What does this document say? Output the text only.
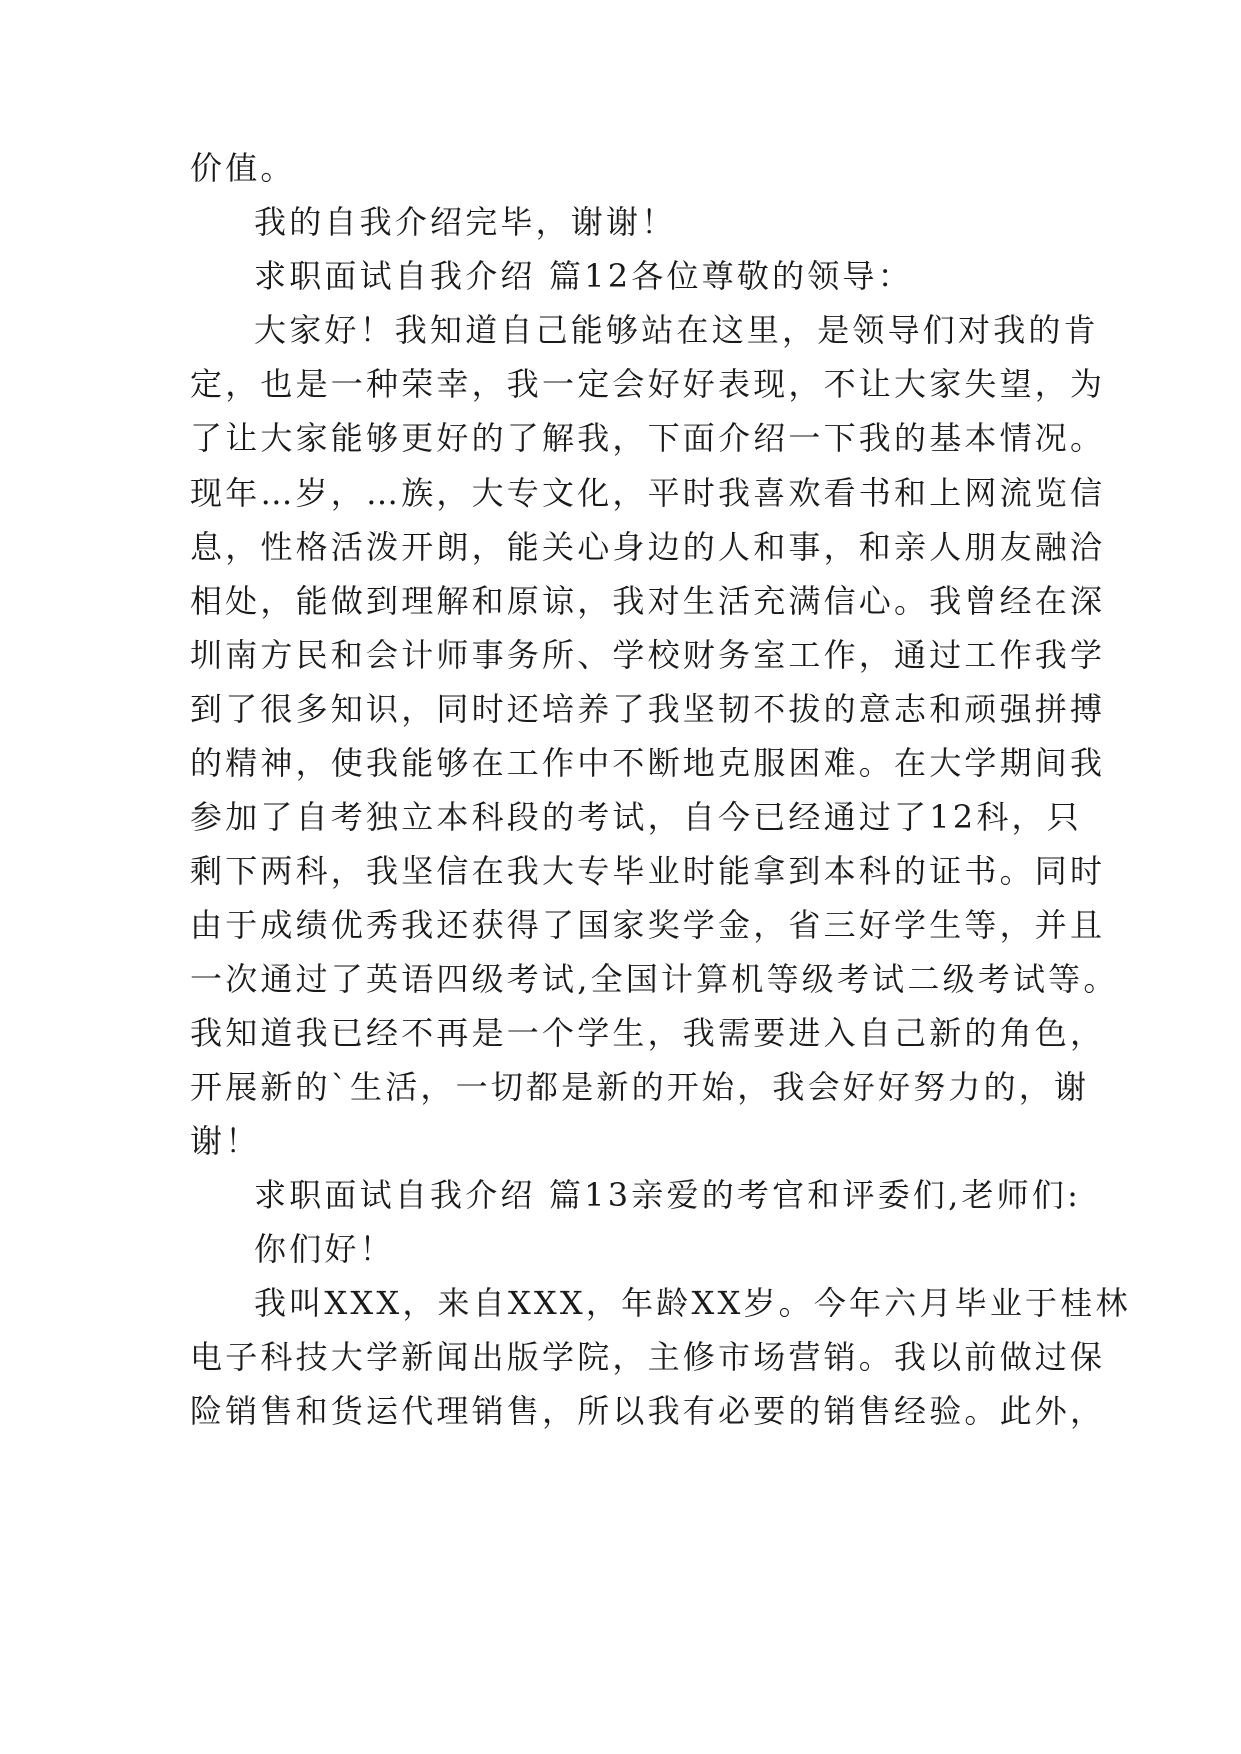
价值。
我的自我介绍完毕，谢谢！
求职面试自我介绍 篇12各位尊敬的领导：
大家好！我知道自己能够站在这里，是领导们对我的肯
定，也是一种荣幸，我一定会好好表现，不让大家失望，为
了让大家能够更好的了解我，下面介绍一下我的基本情况。
现年…岁，…族，大专文化，平时我喜欢看书和上网流览信
息，性格活泼开朗，能关心身边的人和事，和亲人朋友融洽
相处，能做到理解和原谅，我对生活充满信心。我曾经在深
圳南方民和会计师事务所、学校财务室工作，通过工作我学
到了很多知识，同时还培养了我坚韧不拔的意志和顽强拼搏
的精神，使我能够在工作中不断地克服困难。在大学期间我
参加了自考独立本科段的考试，自今已经通过了12科，只
剩下两科，我坚信在我大专毕业时能拿到本科的证书。同时
由于成绩优秀我还获得了国家奖学金，省三好学生等，并且
一次通过了英语四级考试,全国计算机等级考试二级考试等。
我知道我已经不再是一个学生，我需要进入自己新的角色，
开展新的`生活，一切都是新的开始，我会好好努力的，谢
谢！
求职面试自我介绍 篇13亲爱的考官和评委们,老师们:
你们好！
我叫XXX，来自XXX，年龄XX岁。今年六月毕业于桂林
电子科技大学新闻出版学院，主修市场营销。我以前做过保
险销售和货运代理销售，所以我有必要的销售经验。此外，
